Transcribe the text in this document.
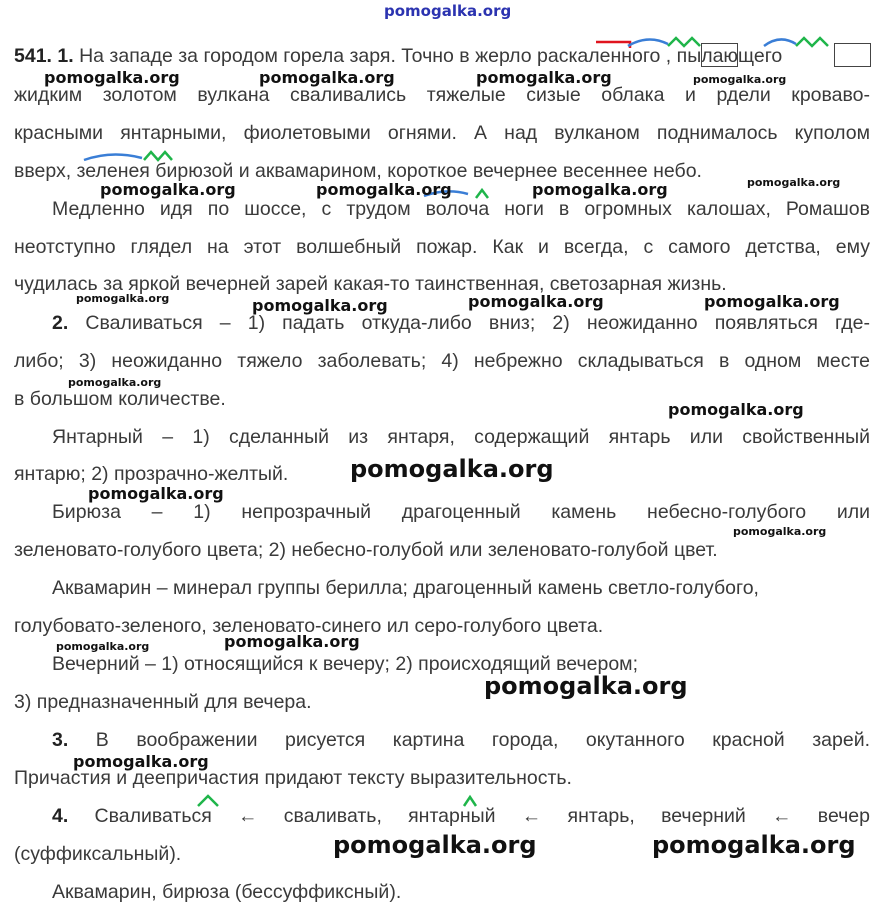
pomogalka.org
541. 1. На западе за городом горела заря. Точно в жерло раскаленного , пылающего
жидким золотом вулкана сваливались тяжелые сизые облака и рдели кроваво-
красными янтарными, фиолетовыми огнями. А над вулканом поднималось куполом
вверх, зеленея бирюзой и аквамарином, короткое вечернее весеннее небо.
Медленно идя по шоссе, с трудом волоча ноги в огромных калошах, Ромашов
неотступно глядел на этот волшебный пожар. Как и всегда, с самого детства, ему
чудилась за яркой вечерней зарей какая-то таинственная, светозарная жизнь.
2. Сваливаться – 1) падать откуда-либо вниз; 2) неожиданно появляться где-
либо; 3) неожиданно тяжело заболевать; 4) небрежно складываться в одном месте
в большом количестве.
Янтарный – 1) сделанный из янтаря, содержащий янтарь или свойственный
янтарю; 2) прозрачно-желтый.
Бирюза – 1) непрозрачный драгоценный камень небесно-голубого или
зеленовато-голубого цвета; 2) небесно-голубой или зеленовато-голубой цвет.
Аквамарин – минерал группы берилла; драгоценный камень светло-голубого,
голубовато-зеленого, зеленовато-синего ил серо-голубого цвета.
Вечерний – 1) относящийся к вечеру; 2) происходящий вечером;
3) предназначенный для вечера.
3. В воображении рисуется картина города, окутанного красной зарей.
Причастия и деепричастия придают тексту выразительность.
4. Сваливаться ← сваливать, янтарный ← янтарь, вечерний ← вечер
(суффиксальный).
Аквамарин, бирюза (бессуффиксный).
pomogalka.org	pomogalka.org	pomogalka.org	pomogalka.org
pomogalka.org
pomogalka.org	pomogalka.org	pomogalka.org
pomogalka.org	pomogalka.org	pomogalka.org	pomogalka.org
pomogalka.org
pomogalka.org
pomogalka.org
pomogalka.org
pomogalka.org
pomogalka.org
pomogalka.org
pomogalka.org
pomogalka.org
pomogalka.org	pomogalka.org
